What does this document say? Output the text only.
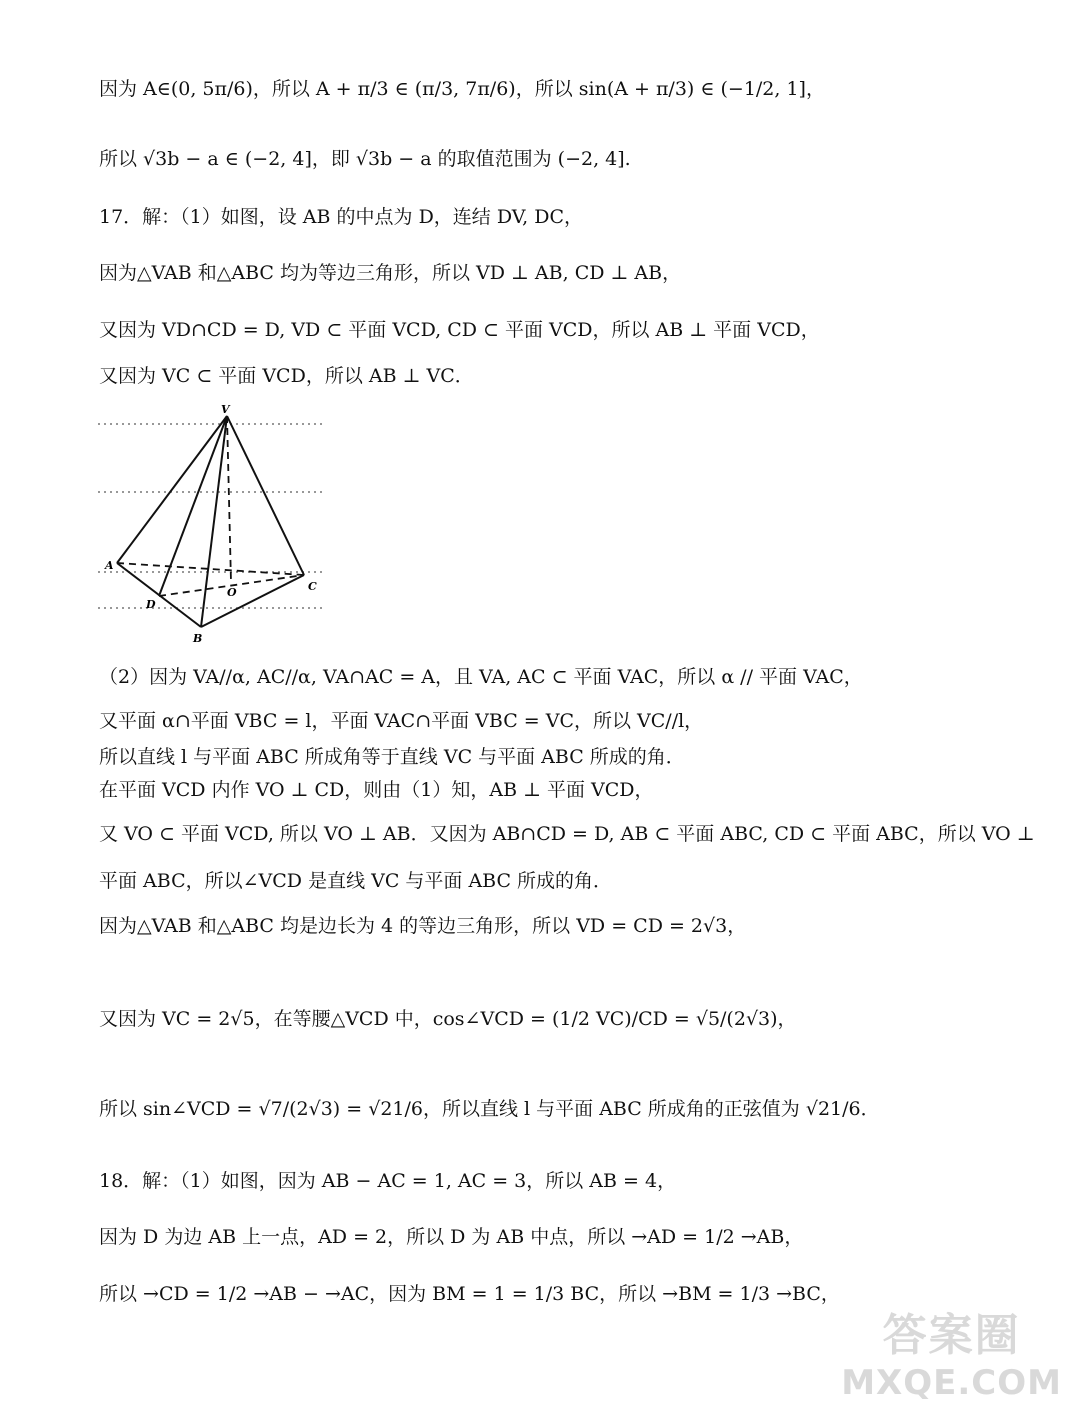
因为 A∈(0, 5π/6)，所以 A + π/3 ∈ (π/3, 7π/6)，所以 sin(A + π/3) ∈ (−1/2, 1]，
所以 √3b − a ∈ (−2, 4]，即 √3b − a 的取值范围为 (−2, 4].
17．解：（1）如图，设 AB 的中点为 D，连结 DV, DC，
因为△VAB 和△ABC 均为等边三角形，所以 VD ⊥ AB, CD ⊥ AB，
又因为 VD∩CD = D, VD ⊂ 平面 VCD, CD ⊂ 平面 VCD，所以 AB ⊥ 平面 VCD，
又因为 VC ⊂ 平面 VCD，所以 AB ⊥ VC．
V
A
B
C
D
O
（2）因为 VA//α, AC//α, VA∩AC = A，且 VA, AC ⊂ 平面 VAC，所以 α // 平面 VAC，
又平面 α∩平面 VBC = l，平面 VAC∩平面 VBC = VC，所以 VC//l，
所以直线 l 与平面 ABC 所成角等于直线 VC 与平面 ABC 所成的角．
在平面 VCD 内作 VO ⊥ CD，则由（1）知，AB ⊥ 平面 VCD，
又 VO ⊂ 平面 VCD, 所以 VO ⊥ AB．又因为 AB∩CD = D, AB ⊂ 平面 ABC, CD ⊂ 平面 ABC，所以 VO ⊥
平面 ABC，所以∠VCD 是直线 VC 与平面 ABC 所成的角．
因为△VAB 和△ABC 均是边长为 4 的等边三角形，所以 VD = CD = 2√3，
又因为 VC = 2√5，在等腰△VCD 中，cos∠VCD = (1/2 VC)/CD = √5/(2√3)，
所以 sin∠VCD = √7/(2√3) = √21/6，所以直线 l 与平面 ABC 所成角的正弦值为 √21/6．
18．解：（1）如图，因为 AB − AC = 1, AC = 3，所以 AB = 4，
因为 D 为边 AB 上一点，AD = 2，所以 D 为 AB 中点，所以 →AD = 1/2 →AB，
所以 →CD = 1/2 →AB − →AC，因为 BM = 1 = 1/3 BC，所以 →BM = 1/3 →BC，
答案圈
MXQE.COM
